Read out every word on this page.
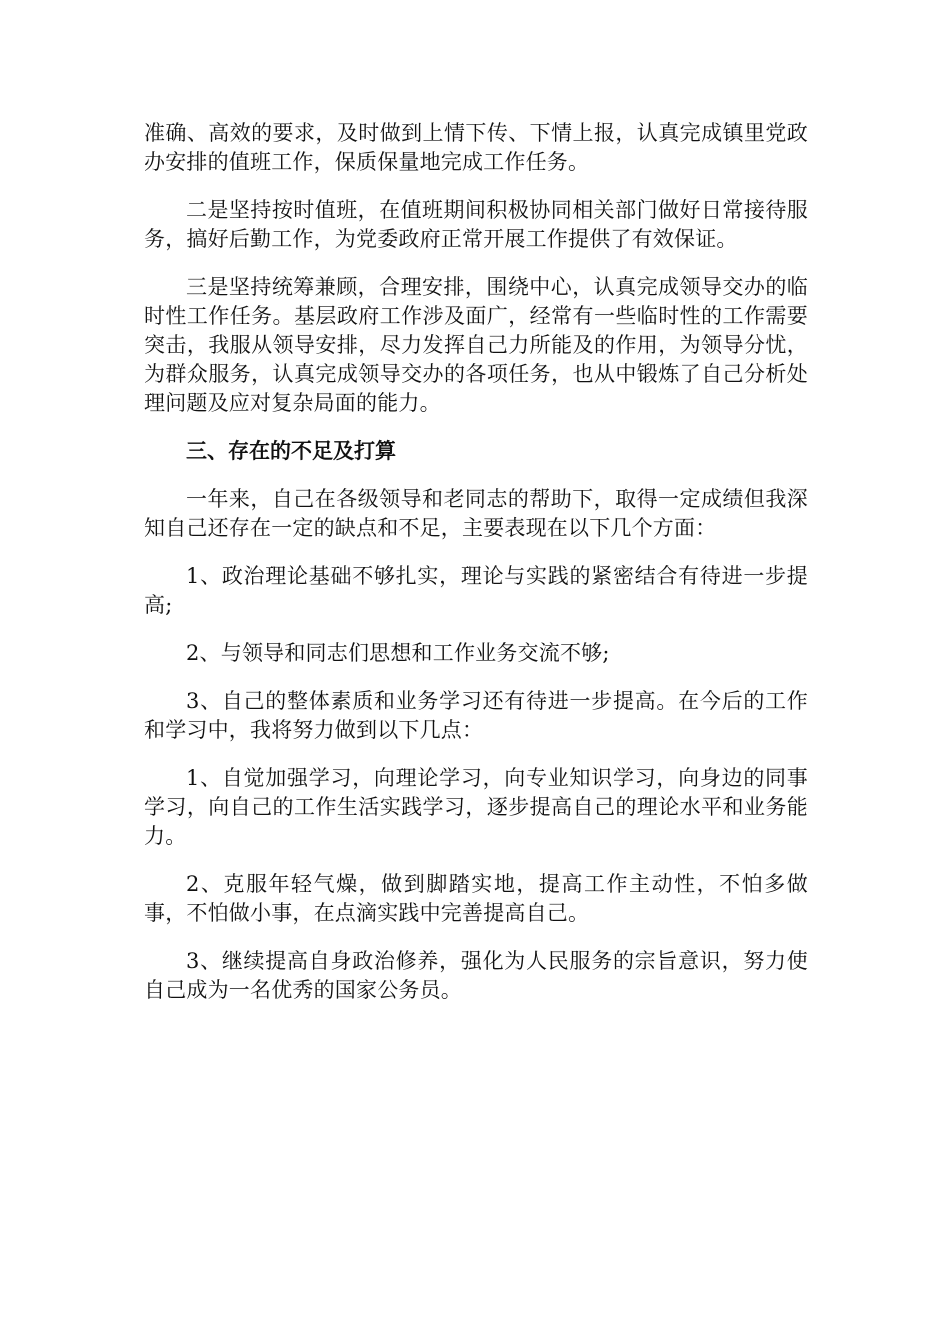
准确、高效的要求，及时做到上情下传、下情上报，认真完成镇里党政办安排的值班工作，保质保量地完成工作任务。

二是坚持按时值班，在值班期间积极协同相关部门做好日常接待服务，搞好后勤工作，为党委政府正常开展工作提供了有效保证。

三是坚持统筹兼顾，合理安排，围绕中心，认真完成领导交办的临时性工作任务。基层政府工作涉及面广，经常有一些临时性的工作需要突击，我服从领导安排，尽力发挥自己力所能及的作用，为领导分忧，为群众服务，认真完成领导交办的各项任务，也从中锻炼了自己分析处理问题及应对复杂局面的能力。

三、存在的不足及打算

一年来，自己在各级领导和老同志的帮助下，取得一定成绩但我深知自己还存在一定的缺点和不足，主要表现在以下几个方面：

1、政治理论基础不够扎实，理论与实践的紧密结合有待进一步提高;

2、与领导和同志们思想和工作业务交流不够;

3、自己的整体素质和业务学习还有待进一步提高。在今后的工作和学习中，我将努力做到以下几点：

1、自觉加强学习，向理论学习，向专业知识学习，向身边的同事学习，向自己的工作生活实践学习，逐步提高自己的理论水平和业务能力。

2、克服年轻气燥，做到脚踏实地，提高工作主动性，不怕多做事，不怕做小事，在点滴实践中完善提高自己。

3、继续提高自身政治修养，强化为人民服务的宗旨意识，努力使自己成为一名优秀的国家公务员。
